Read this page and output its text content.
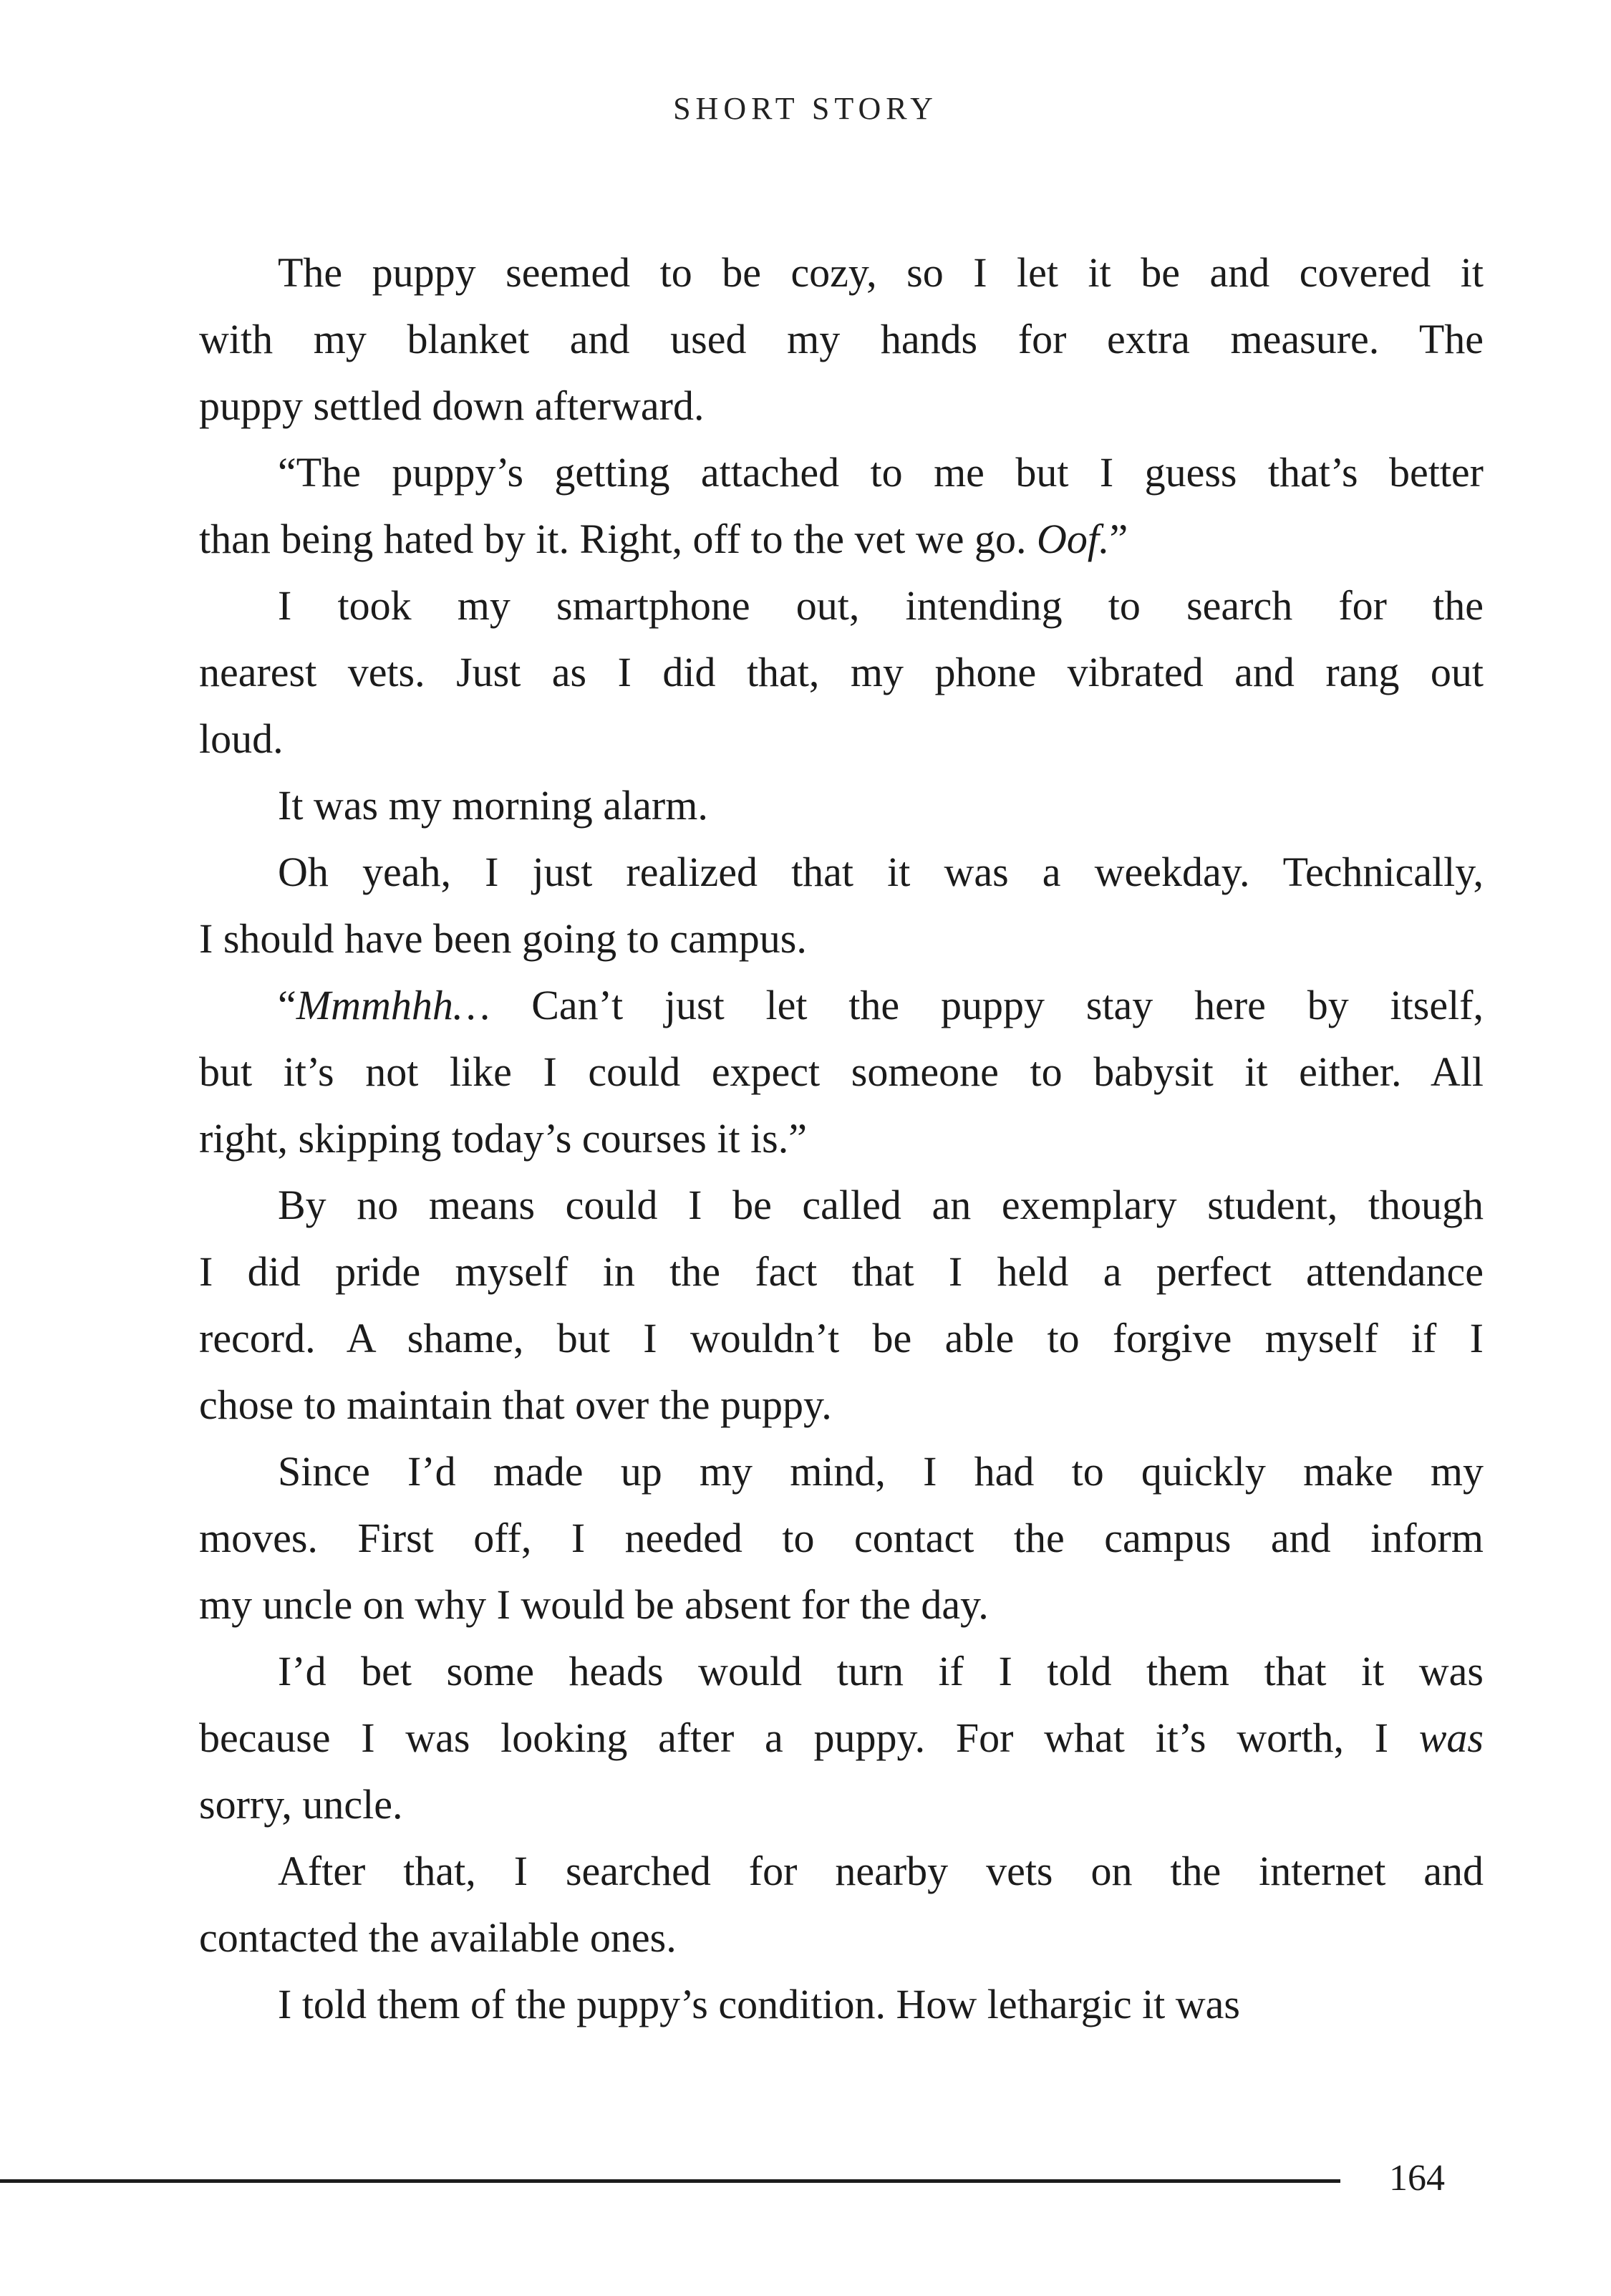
SHORT STORY
The puppy seemed to be cozy, so I let it be and covered it
with my blanket and used my hands for extra measure. The
puppy settled down afterward.
“The puppy’s getting attached to me but I guess that’s better
than being hated by it. Right, off to the vet we go. Oof.”
I took my smartphone out, intending to search for the
nearest vets. Just as I did that, my phone vibrated and rang out
loud.
It was my morning alarm.
Oh yeah, I just realized that it was a weekday. Technically,
I should have been going to campus.
“Mmmhhh… Can’t just let the puppy stay here by itself,
but it’s not like I could expect someone to babysit it either. All
right, skipping today’s courses it is.”
By no means could I be called an exemplary student, though
I did pride myself in the fact that I held a perfect attendance
record. A shame, but I wouldn’t be able to forgive myself if I
chose to maintain that over the puppy.
Since I’d made up my mind, I had to quickly make my
moves. First off, I needed to contact the campus and inform
my uncle on why I would be absent for the day.
I’d bet some heads would turn if I told them that it was
because I was looking after a puppy. For what it’s worth, I was
sorry, uncle.
After that, I searched for nearby vets on the internet and
contacted the available ones.
I told them of the puppy’s condition. How lethargic it was
164
